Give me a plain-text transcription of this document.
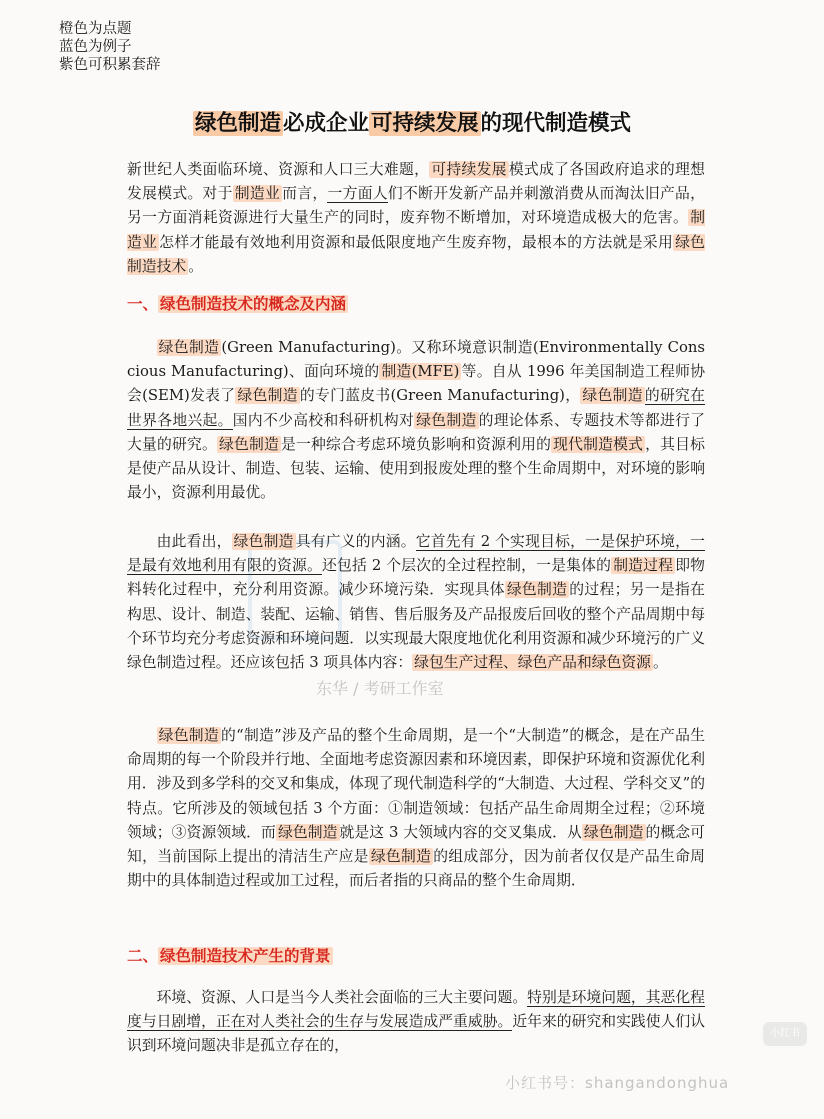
橙色为点题
蓝色为例子
紫色可积累套辞
绿色制造必成企业可持续发展的现代制造模式
新世纪人类面临环境、资源和人口三大难题， 可持续发展 模式成了各国政府追求的理想发展模式。对于 制造业 而言，一方面人们不断开发新产品并刺激消费从而淘汰旧产品，另一方面消耗资源进行大量生产的同时，废弃物不断增加，对环境造成极大的危害。 制造业 怎样才能最有效地利用资源和最低限度地产生废弃物，最根本的方法就是采用 绿色制造技术 。
一、 绿色制造技术的概念及内涵
绿色制造 (Green Manufacturing)。又称环境意识制造(Environmentally Conscious Manufacturing)、面向环境的 制造(MFE) 等。自从 1996 年美国制造工程师协会(SEM)发表了 绿色制造 的专门蓝皮书(Green Manufacturing)， 绿色制造 的研究在世界各地兴起。国内不少高校和科研机构对 绿色制造 的理论体系、专题技术等都进行了大量的研究。 绿色制造 是一种综合考虑环境负影响和资源利用的 现代制造模式 ，其目标是使产品从设计、制造、包装、运输、使用到报废处理的整个生命周期中，对环境的影响最小，资源利用最优。
由此看出， 绿色制造 具有广义的内涵。它首先有 2 个实现目标，一是保护环境，一是最有效地利用有限的资源。还包括 2 个层次的全过程控制，一是集体的 制造过程 即物料转化过程中，充分利用资源。减少环境污染．实现具体 绿色制造 的过程；另一是指在构思、设计、制造、装配、运输、销售、售后服务及产品报废后回收的整个产品周期中每个环节均充分考虑资源和环境问题．以实现最大限度地优化利用资源和减少环境污的广义绿色制造过程。还应该包括 3 项具体内容： 绿包生产过程、绿色产品和绿色资源 。
东华 / 考研工作室
绿色制造 的“制造”涉及产品的整个生命周期，是一个“大制造”的概念，是在产品生命周期的每一个阶段并行地、全面地考虑资源因素和环境因素，即保护环境和资源优化利用．涉及到多学科的交叉和集成，体现了现代制造科学的“大制造、大过程、学科交叉”的特点。它所涉及的领域包括 3 个方面：①制造领域：包括产品生命周期全过程；②环境领域；③资源领域．而 绿色制造 就是这 3 大领域内容的交叉集成．从 绿色制造 的概念可知，当前国际上提出的清洁生产应是 绿色制造 的组成部分，因为前者仅仅是产品生命周期中的具体制造过程或加工过程，而后者指的只商品的整个生命周期．
二、 绿色制造技术产生的背景
环境、资源、人口是当今人类社会面临的三大主要问题。特别是环境问题，其恶化程度与日剧增，正在对人类社会的生存与发展造成严重威胁。近年来的研究和实践使人们认识到环境问题决非是孤立存在的，
小红书
小红书号：shangandonghua
